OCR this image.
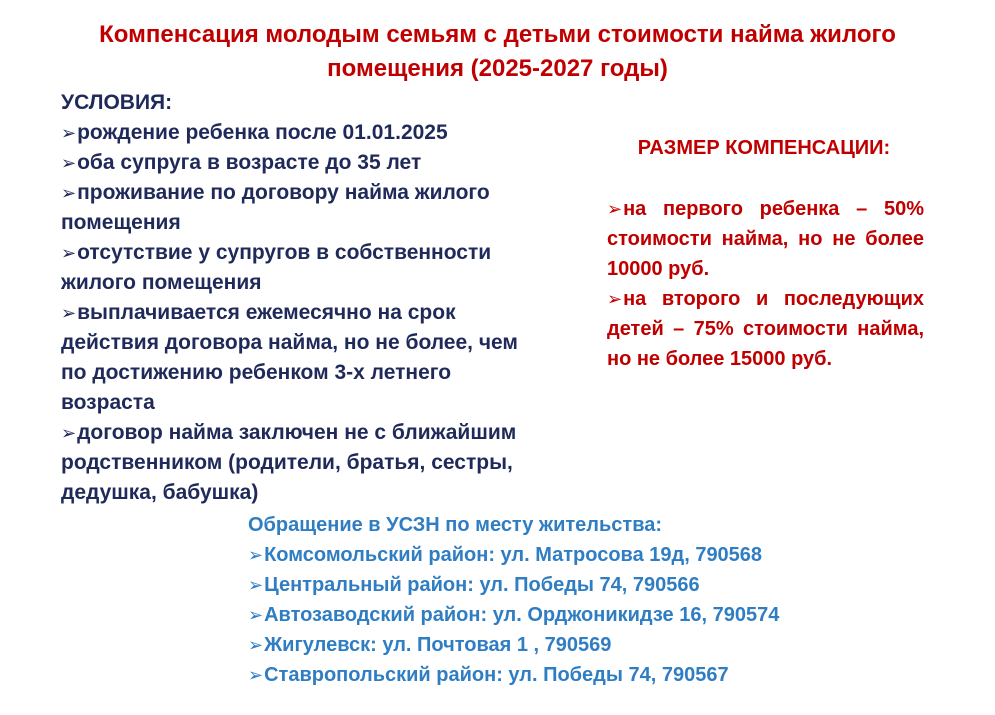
Компенсация молодым семьям с детьми стоимости найма жилого помещения (2025-2027 годы)
УСЛОВИЯ:
➢рождение ребенка после 01.01.2025
➢оба супруга в возрасте до 35 лет
➢проживание по договору найма жилого помещения
➢отсутствие у супругов в собственности жилого помещения
➢выплачивается ежемесячно на срок действия договора найма, но не более, чем по достижению ребенком 3-х летнего возраста
➢договор найма заключен не с ближайшим родственником (родители, братья, сестры, дедушка, бабушка)
РАЗМЕР КОМПЕНСАЦИИ:
➢на первого ребенка – 50% стоимости найма, но не более 10000 руб.
➢на второго и последующих детей – 75% стоимости найма, но не более 15000 руб.
Обращение в УСЗН по месту жительства:
➢Комсомольский район: ул. Матросова 19д, 790568
➢Центральный район: ул. Победы 74, 790566
➢Автозаводский район: ул. Орджоникидзе 16, 790574
➢Жигулевск: ул. Почтовая 1 , 790569
➢Ставропольский район: ул. Победы 74, 790567
